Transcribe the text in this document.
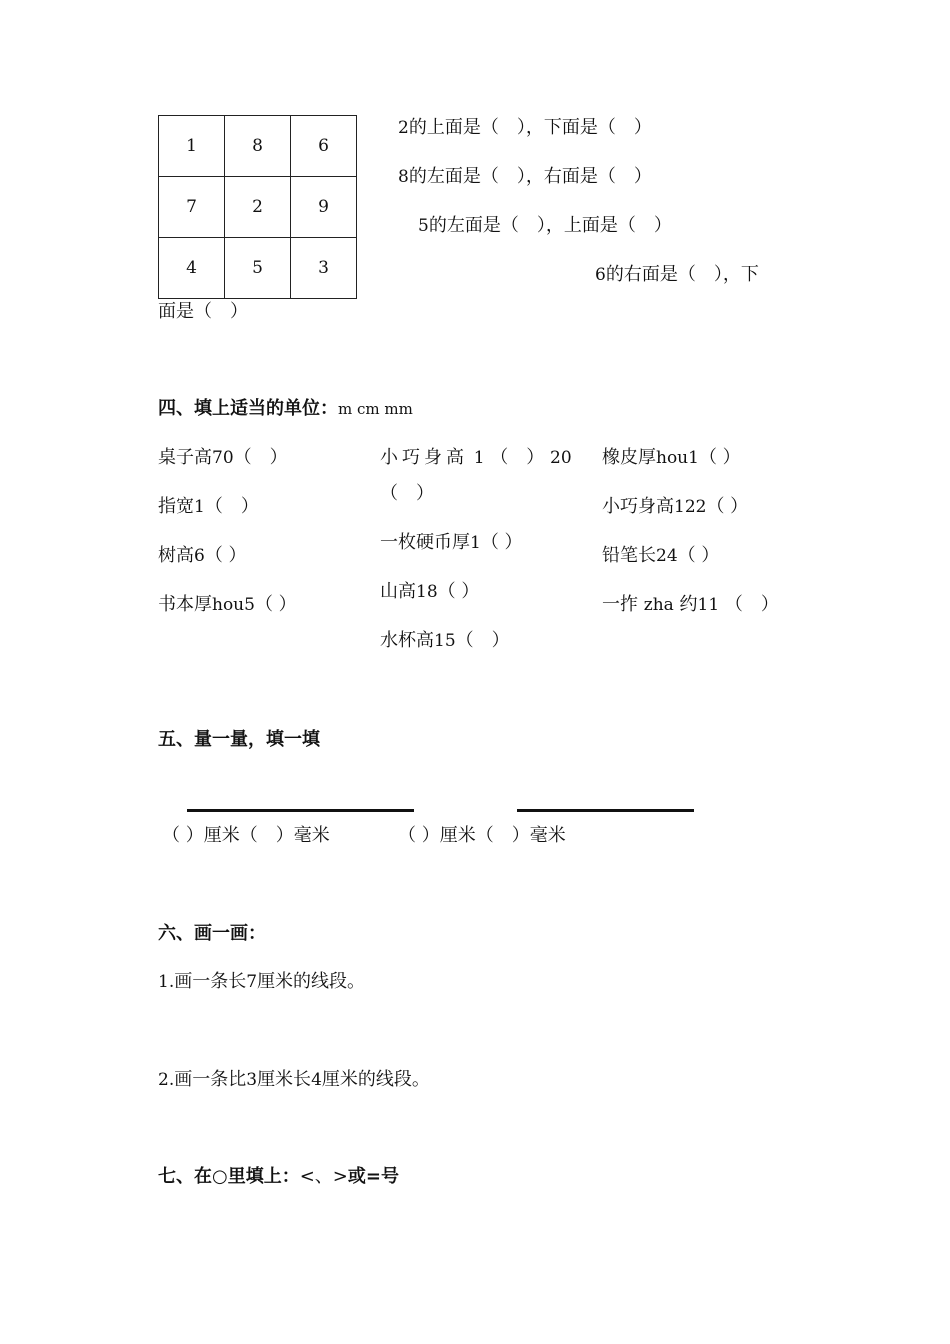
1	8	6
7	2	9
4	5	3
2的上面是（　），下面是（　）
8的左面是（　），右面是（　）
5的左面是（　），上面是（　）
6的右面是（　），下
面是（　）
四、填上适当的单位：m cm mm
桌子高70（　）
指宽1（　）
树高6（ ）
书本厚hou5（ ）
小巧身高 1 （　） 20
（　）
一枚硬币厚1（ ）
山高18（ ）
水杯高15（　）
橡皮厚hou1（ ）
小巧身高122（ ）
铅笔长24（ ）
一拃 zha 约11 （　）
五、量一量，填一填
（ ）厘米（　）毫米	（ ）厘米（　）毫米
六、画一画：
1.画一条长7厘米的线段。
2.画一条比3厘米长4厘米的线段。
七、在○里填上：<、>或=号
